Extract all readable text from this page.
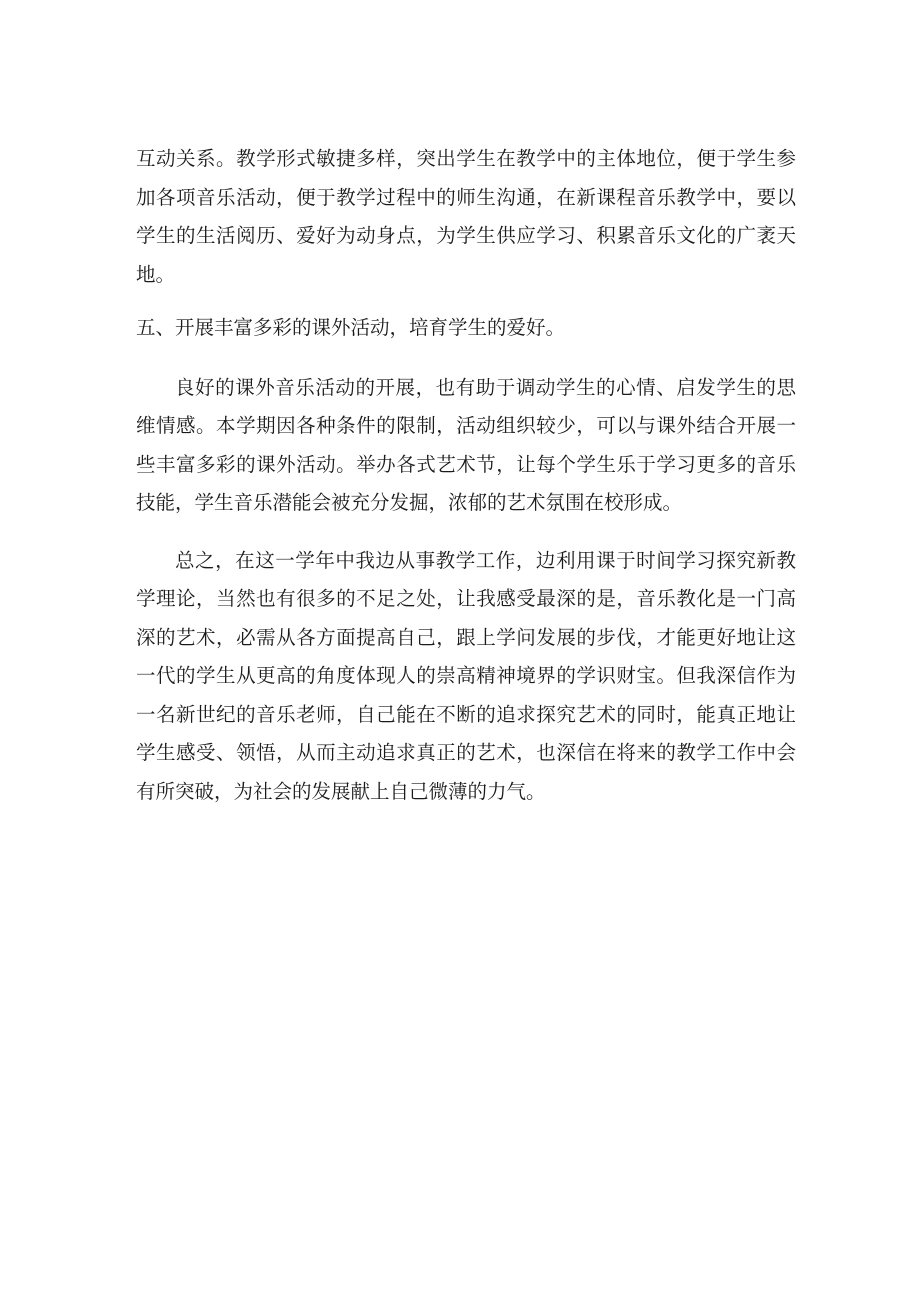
互动关系。教学形式敏捷多样，突出学生在教学中的主体地位，便于学生参加各项音乐活动，便于教学过程中的师生沟通，在新课程音乐教学中，要以学生的生活阅历、爱好为动身点，为学生供应学习、积累音乐文化的广袤天地。

五、开展丰富多彩的课外活动，培育学生的爱好。

良好的课外音乐活动的开展，也有助于调动学生的心情、启发学生的思维情感。本学期因各种条件的限制，活动组织较少，可以与课外结合开展一些丰富多彩的课外活动。举办各式艺术节，让每个学生乐于学习更多的音乐技能，学生音乐潜能会被充分发掘，浓郁的艺术氛围在校形成。

总之，在这一学年中我边从事教学工作，边利用课于时间学习探究新教学理论，当然也有很多的不足之处，让我感受最深的是，音乐教化是一门高深的艺术，必需从各方面提高自己，跟上学问发展的步伐，才能更好地让这一代的学生从更高的角度体现人的崇高精神境界的学识财宝。但我深信作为一名新世纪的音乐老师，自己能在不断的追求探究艺术的同时，能真正地让学生感受、领悟，从而主动追求真正的艺术，也深信在将来的教学工作中会有所突破，为社会的发展献上自己微薄的力气。
